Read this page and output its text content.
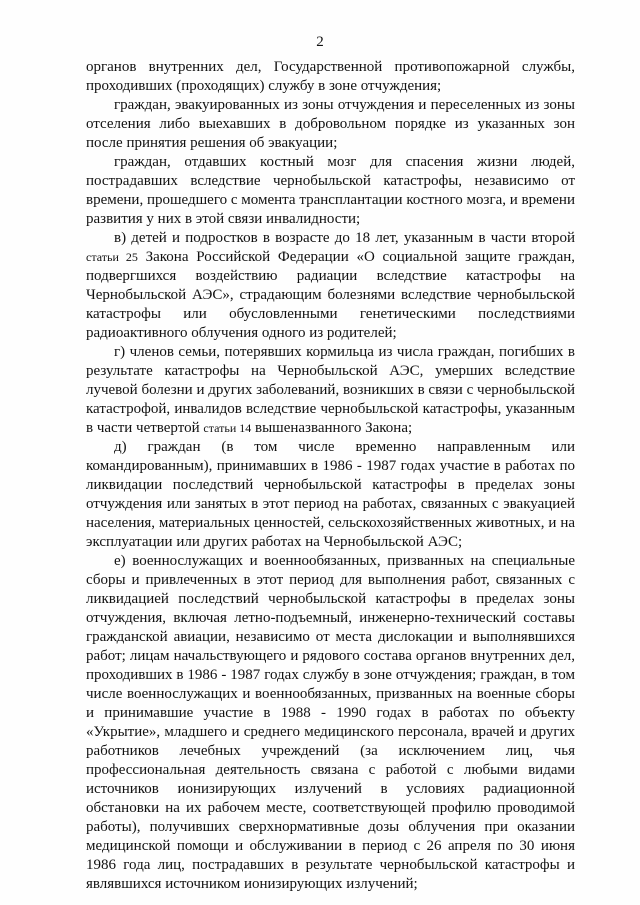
2

органов внутренних дел, Государственной противопожарной службы, проходивших (проходящих) службу в зоне отчуждения;

граждан, эвакуированных из зоны отчуждения и переселенных из зоны отселения либо выехавших в добровольном порядке из указанных зон после принятия решения об эвакуации;

граждан, отдавших костный мозг для спасения жизни людей, пострадавших вследствие чернобыльской катастрофы, независимо от времени, прошедшего с момента трансплантации костного мозга, и времени развития у них в этой связи инвалидности;

в) детей и подростков в возрасте до 18 лет, указанным в части второй статьи 25 Закона Российской Федерации «О социальной защите граждан, подвергшихся воздействию радиации вследствие катастрофы на Чернобыльской АЭС», страдающим болезнями вследствие чернобыльской катастрофы или обусловленными генетическими последствиями радиоактивного облучения одного из родителей;

г) членов семьи, потерявших кормильца из числа граждан, погибших в результате катастрофы на Чернобыльской АЭС, умерших вследствие лучевой болезни и других заболеваний, возникших в связи с чернобыльской катастрофой, инвалидов вследствие чернобыльской катастрофы, указанным в части четвертой статьи 14 вышеназванного Закона;

д) граждан (в том числе временно направленным или командированным), принимавших в 1986 - 1987 годах участие в работах по ликвидации последствий чернобыльской катастрофы в пределах зоны отчуждения или занятых в этот период на работах, связанных с эвакуацией населения, материальных ценностей, сельскохозяйственных животных, и на эксплуатации или других работах на Чернобыльской АЭС;

е) военнослужащих и военнообязанных, призванных на специальные сборы и привлеченных в этот период для выполнения работ, связанных с ликвидацией последствий чернобыльской катастрофы в пределах зоны отчуждения, включая летно-подъемный, инженерно-технический составы гражданской авиации, независимо от места дислокации и выполнявшихся работ; лицам начальствующего и рядового состава органов внутренних дел, проходивших в 1986 - 1987 годах службу в зоне отчуждения; граждан, в том числе военнослужащих и военнообязанных, призванных на военные сборы и принимавшие участие в 1988 - 1990 годах в работах по объекту «Укрытие», младшего и среднего медицинского персонала, врачей и других работников лечебных учреждений (за исключением лиц, чья профессиональная деятельность связана с работой с любыми видами источников ионизирующих излучений в условиях радиационной обстановки на их рабочем месте, соответствующей профилю проводимой работы), получивших сверхнормативные дозы облучения при оказании медицинской помощи и обслуживании в период с 26 апреля по 30 июня 1986 года лиц, пострадавших в результате чернобыльской катастрофы и являвшихся источником ионизирующих излучений;
